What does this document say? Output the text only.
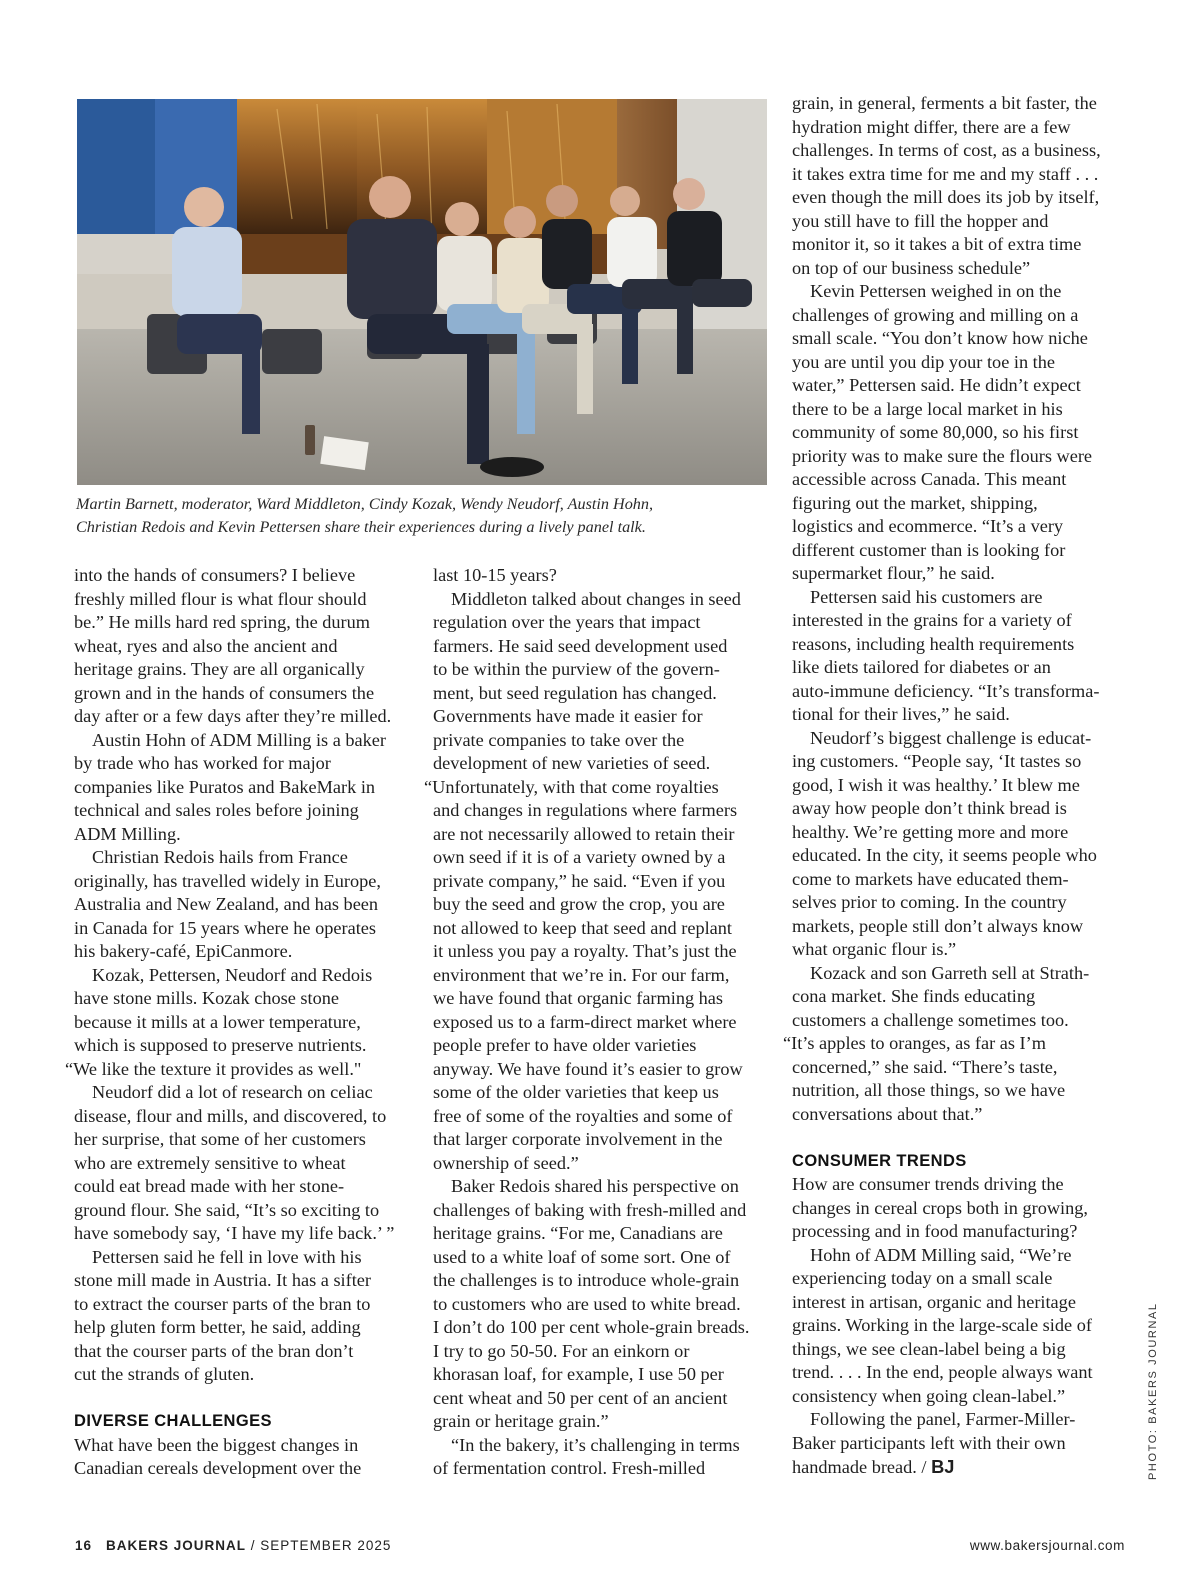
Martin Barnett, moderator, Ward Middleton, Cindy Kozak, Wendy Neudorf, Austin Hohn,
Christian Redois and Kevin Pettersen share their experiences during a lively panel talk.

into the hands of consumers? I believe
freshly milled flour is what flour should
be.” He mills hard red spring, the durum
wheat, ryes and also the ancient and
heritage grains. They are all organically
grown and in the hands of consumers the
day after or a few days after they’re milled.

Austin Hohn of ADM Milling is a baker
by trade who has worked for major
companies like Puratos and BakeMark in
technical and sales roles before joining
ADM Milling.

Christian Redois hails from France
originally, has travelled widely in Europe,
Australia and New Zealand, and has been
in Canada for 15 years where he operates
his bakery-café, EpiCanmore.

Kozak, Pettersen, Neudorf and Redois
have stone mills. Kozak chose stone
because it mills at a lower temperature,
which is supposed to preserve nutrients.
“We like the texture it provides as well."

Neudorf did a lot of research on celiac
disease, flour and mills, and discovered, to
her surprise, that some of her customers
who are extremely sensitive to wheat
could eat bread made with her stone-
ground flour. She said, “It’s so exciting to
have somebody say, ‘I have my life back.’ ”

Pettersen said he fell in love with his
stone mill made in Austria. It has a sifter
to extract the courser parts of the bran to
help gluten form better, he said, adding
that the courser parts of the bran don’t
cut the strands of gluten.

DIVERSE CHALLENGES

What have been the biggest changes in
Canadian cereals development over the

last 10-15 years?

Middleton talked about changes in seed
regulation over the years that impact
farmers. He said seed development used
to be within the purview of the govern-
ment, but seed regulation has changed.
Governments have made it easier for
private companies to take over the
development of new varieties of seed.
“Unfortunately, with that come royalties
and changes in regulations where farmers
are not necessarily allowed to retain their
own seed if it is of a variety owned by a
private company,” he said. “Even if you
buy the seed and grow the crop, you are
not allowed to keep that seed and replant
it unless you pay a royalty. That’s just the
environment that we’re in. For our farm,
we have found that organic farming has
exposed us to a farm-direct market where
people prefer to have older varieties
anyway. We have found it’s easier to grow
some of the older varieties that keep us
free of some of the royalties and some of
that larger corporate involvement in the
ownership of seed.”

Baker Redois shared his perspective on
challenges of baking with fresh-milled and
heritage grains. “For me, Canadians are
used to a white loaf of some sort. One of
the challenges is to introduce whole-grain
to customers who are used to white bread.
I don’t do 100 per cent whole-grain breads.
I try to go 50-50. For an einkorn or
khorasan loaf, for example, I use 50 per
cent wheat and 50 per cent of an ancient
grain or heritage grain.”

“In the bakery, it’s challenging in terms
of fermentation control. Fresh-milled

grain, in general, ferments a bit faster, the
hydration might differ, there are a few
challenges. In terms of cost, as a business,
it takes extra time for me and my staff . . .
even though the mill does its job by itself,
you still have to fill the hopper and
monitor it, so it takes a bit of extra time
on top of our business schedule”

Kevin Pettersen weighed in on the
challenges of growing and milling on a
small scale. “You don’t know how niche
you are until you dip your toe in the
water,” Pettersen said. He didn’t expect
there to be a large local market in his
community of some 80,000, so his first
priority was to make sure the flours were
accessible across Canada. This meant
figuring out the market, shipping,
logistics and ecommerce. “It’s a very
different customer than is looking for
supermarket flour,” he said.

Pettersen said his customers are
interested in the grains for a variety of
reasons, including health requirements
like diets tailored for diabetes or an
auto-immune deficiency. “It’s transforma-
tional for their lives,” he said.

Neudorf’s biggest challenge is educat-
ing customers. “People say, ‘It tastes so
good, I wish it was healthy.’ It blew me
away how people don’t think bread is
healthy. We’re getting more and more
educated. In the city, it seems people who
come to markets have educated them-
selves prior to coming. In the country
markets, people still don’t always know
what organic flour is.”

Kozack and son Garreth sell at Strath-
cona market. She finds educating
customers a challenge sometimes too.
“It’s apples to oranges, as far as I’m
concerned,” she said. “There’s taste,
nutrition, all those things, so we have
conversations about that.”

CONSUMER TRENDS

How are consumer trends driving the
changes in cereal crops both in growing,
processing and in food manufacturing?

Hohn of ADM Milling said, “We’re
experiencing today on a small scale
interest in artisan, organic and heritage
grains. Working in the large-scale side of
things, we see clean-label being a big
trend. . . . In the end, people always want
consistency when going clean-label.”

Following the panel, Farmer-Miller-
Baker participants left with their own
handmade bread. / BJ	PHOTO: BAKERS JOURNAL
16 BAKERS JOURNAL / SEPTEMBER 2025	www.bakersjournal.com
